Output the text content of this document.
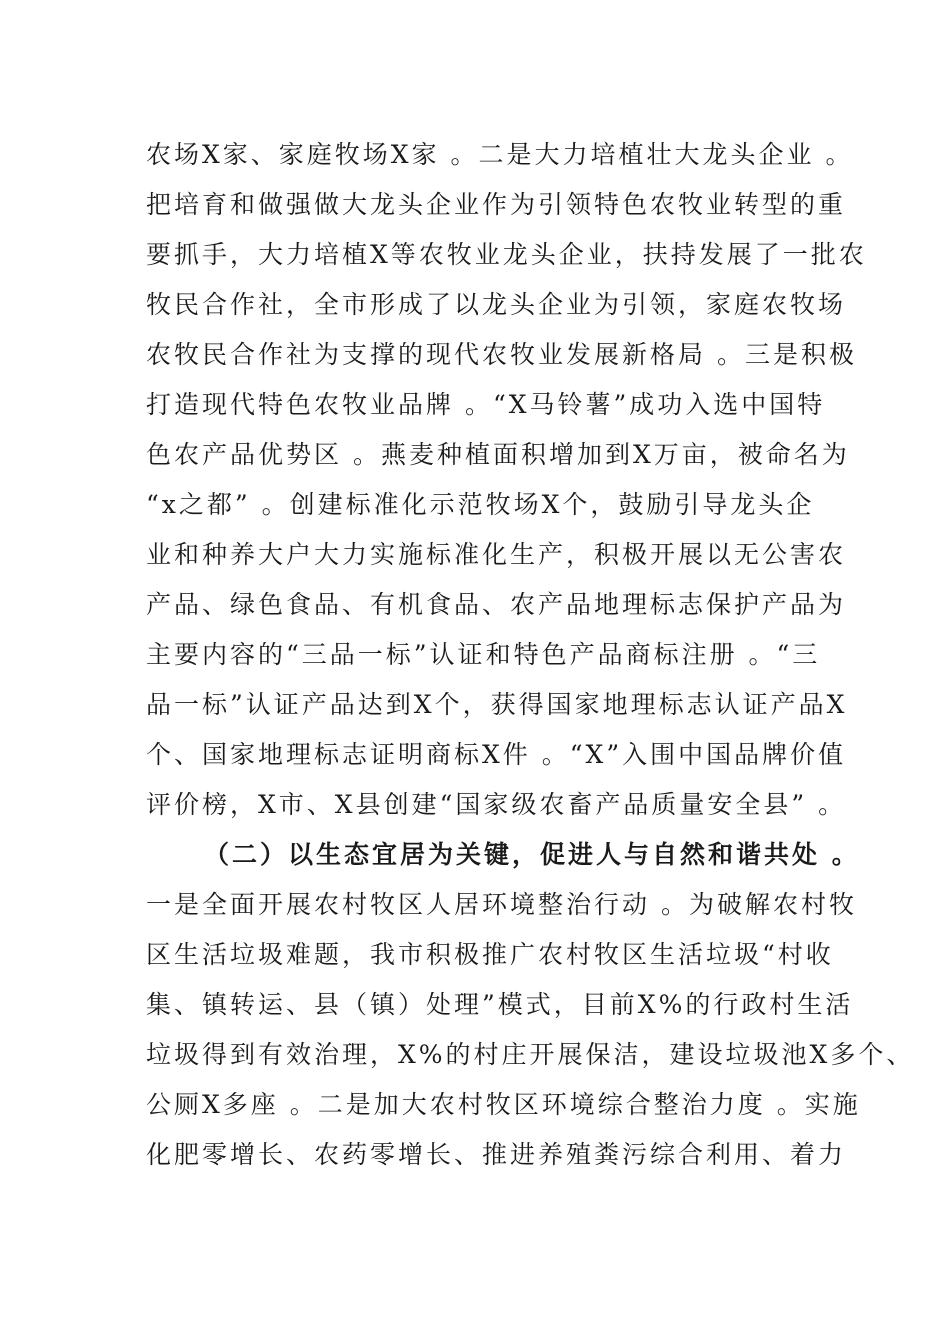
农场X家、家庭牧场X家 。二是大力培植壮大龙头企业 。
把培育和做强做大龙头企业作为引领特色农牧业转型的重
要抓手，大力培植X等农牧业龙头企业，扶持发展了一批农
牧民合作社，全市形成了以龙头企业为引领，家庭农牧场
农牧民合作社为支撑的现代农牧业发展新格局 。三是积极
打造现代特色农牧业品牌 。“X马铃薯”成功入选中国特
色农产品优势区 。燕麦种植面积增加到X万亩，被命名为
“x之都” 。创建标准化示范牧场X个，鼓励引导龙头企
业和种养大户大力实施标准化生产，积极开展以无公害农
产品、绿色食品、有机食品、农产品地理标志保护产品为
主要内容的“三品一标”认证和特色产品商标注册 。“三
品一标”认证产品达到X个，获得国家地理标志认证产品X
个、国家地理标志证明商标X件 。“X”入围中国品牌价值
评价榜，X市、X县创建“国家级农畜产品质量安全县” 。
（二）以生态宜居为关键，促进人与自然和谐共处 。
一是全面开展农村牧区人居环境整治行动 。为破解农村牧
区生活垃圾难题，我市积极推广农村牧区生活垃圾“村收
集、镇转运、县（镇）处理”模式，目前X%的行政村生活
垃圾得到有效治理，X%的村庄开展保洁，建设垃圾池X多个、
公厕X多座 。二是加大农村牧区环境综合整治力度 。实施
化肥零增长、农药零增长、推进养殖粪污综合利用、着力
